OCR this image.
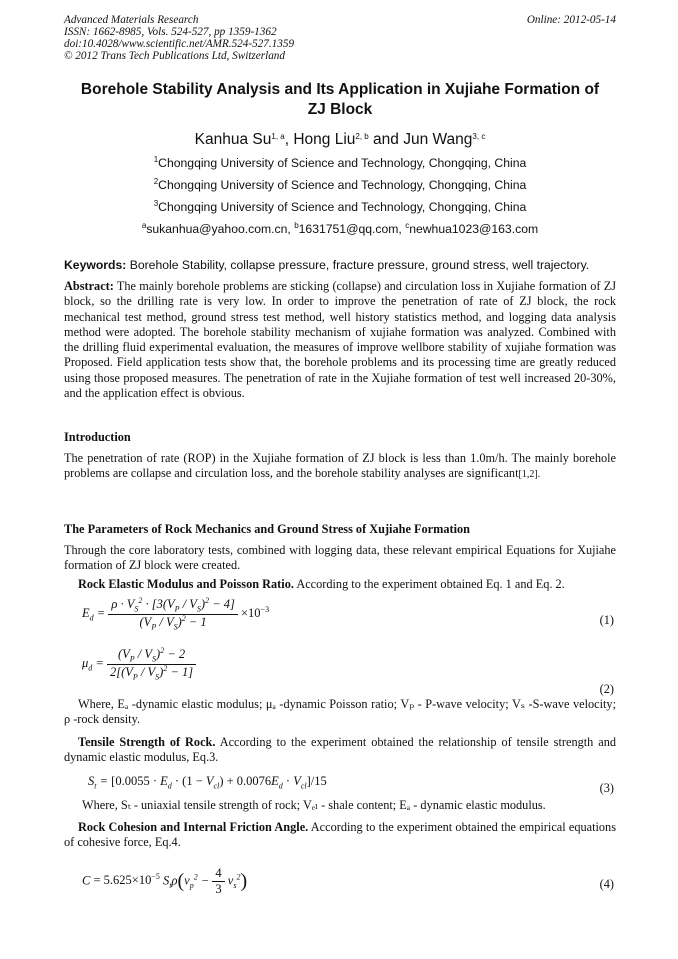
Advanced Materials Research
ISSN: 1662-8985, Vols. 524-527, pp 1359-1362
doi:10.4028/www.scientific.net/AMR.524-527.1359
© 2012 Trans Tech Publications Ltd, Switzerland
Online: 2012-05-14
Borehole Stability Analysis and Its Application in Xujiahe Formation of
ZJ Block
Kanhua Su$^{1, a}$, Hong Liu$^{2, b}$ and Jun Wang$^{3, c}$
$^1$Chongqing University of Science and Technology, Chongqing, China
$^2$Chongqing University of Science and Technology, Chongqing, China
$^3$Chongqing University of Science and Technology, Chongqing, China
$^a$sukanhua@yahoo.com.cn, $^b$1631751@qq.com, $^c$newhua1023@163.com
Keywords: Borehole Stability, collapse pressure, fracture pressure, ground stress, well trajectory.
Abstract: The mainly borehole problems are sticking (collapse) and circulation loss in Xujiahe formation of ZJ block, so the drilling rate is very low. In order to improve the penetration of rate of ZJ block, the rock mechanical test method, ground stress test method, well history statistics method, and logging data analysis method were adopted. The borehole stability mechanism of xujiahe formation was analyzed. Combined with the drilling fluid experimental evaluation, the measures of improve wellbore stability of xujiahe formation was Proposed. Field application tests show that, the borehole problems and its processing time are greatly reduced using those proposed measures. The penetration of rate in the Xujiahe formation of test well increased 20-30%, and the application effect is obvious.
Introduction
The penetration of rate (ROP) in the Xujiahe formation of ZJ block is less than 1.0m/h. The mainly borehole problems are collapse and circulation loss, and the borehole stability analyses are significant[1,2].
The Parameters of Rock Mechanics and Ground Stress of Xujiahe Formation
Through the core laboratory tests, combined with logging data, these relevant empirical Equations for Xujiahe formation of ZJ block were created.
Rock Elastic Modulus and Poisson Ratio. According to the experiment obtained Eq. 1 and Eq. 2.
$E_d = \frac{\rho \cdot V_S^2 \cdot [3(V_P / V_S)^2 - 4]}{(V_P / V_S)^2 - 1} \times 10^{-3}$
(1)
$\mu_d = \frac{(V_P / V_S)^2 - 2}{2[(V_P / V_S)^2 - 1]}$
(2)
Where, Eₐ -dynamic elastic modulus; μₐ -dynamic Poisson ratio; Vₚ - P-wave velocity; Vₛ -S-wave velocity; ρ -rock density.
Tensile Strength of Rock. According to the experiment obtained the relationship of tensile strength and dynamic elastic modulus, Eq.3.
$S_t = [0.0055 \cdot E_d \cdot (1 - V_{cl}) + 0.0076E_d \cdot V_{cl}]/15$	(3)
Where, Sₜ - uniaxial tensile strength of rock; Vₑₗ - shale content; Eₐ - dynamic elastic modulus.
Rock Cohesion and Internal Friction Angle. According to the experiment obtained the empirical equations of cohesive force, Eq.4.
$C = 5.625\times 10^{-5}$ $S_t\rho(v_p^2 - \frac{4}{3} v_s^2)$	(4)
